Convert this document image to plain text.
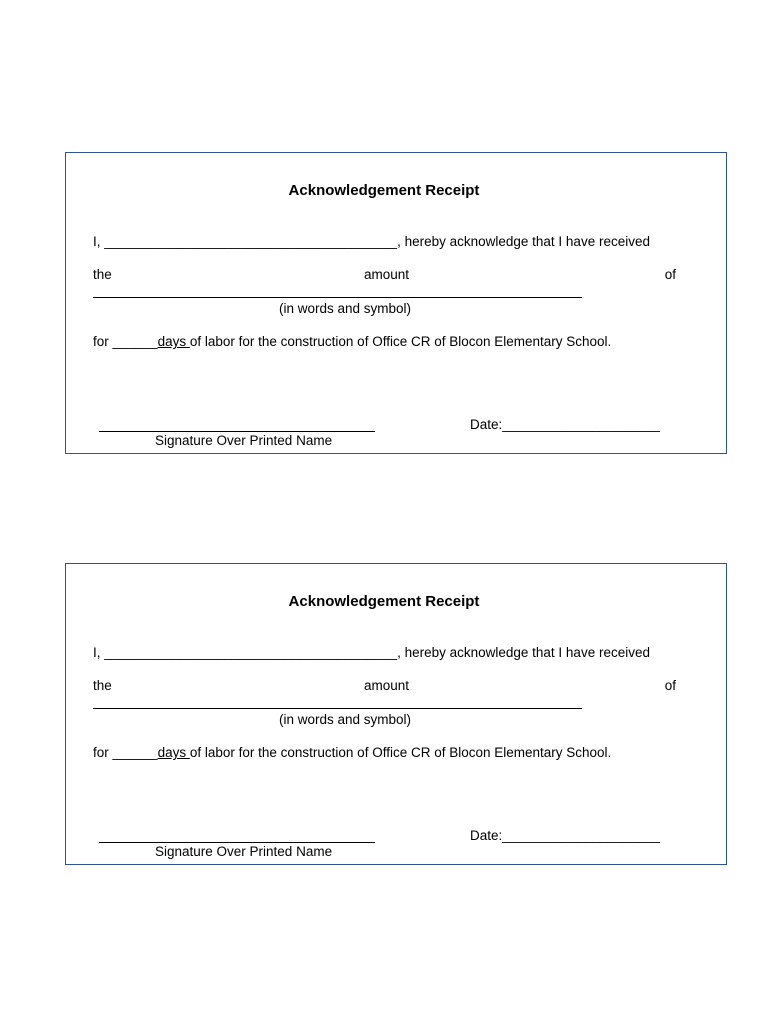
Acknowledgement Receipt

I, _______________________________________, hereby acknowledge that I have received

the	amount	of

(in words and symbol)

for ______days of labor for the construction of Office CR of Blocon Elementary School.

Signature Over Printed Name

Date:_____________________

Acknowledgement Receipt

I, _______________________________________, hereby acknowledge that I have received

the	amount	of

(in words and symbol)

for ______days of labor for the construction of Office CR of Blocon Elementary School.

Signature Over Printed Name

Date:_____________________
